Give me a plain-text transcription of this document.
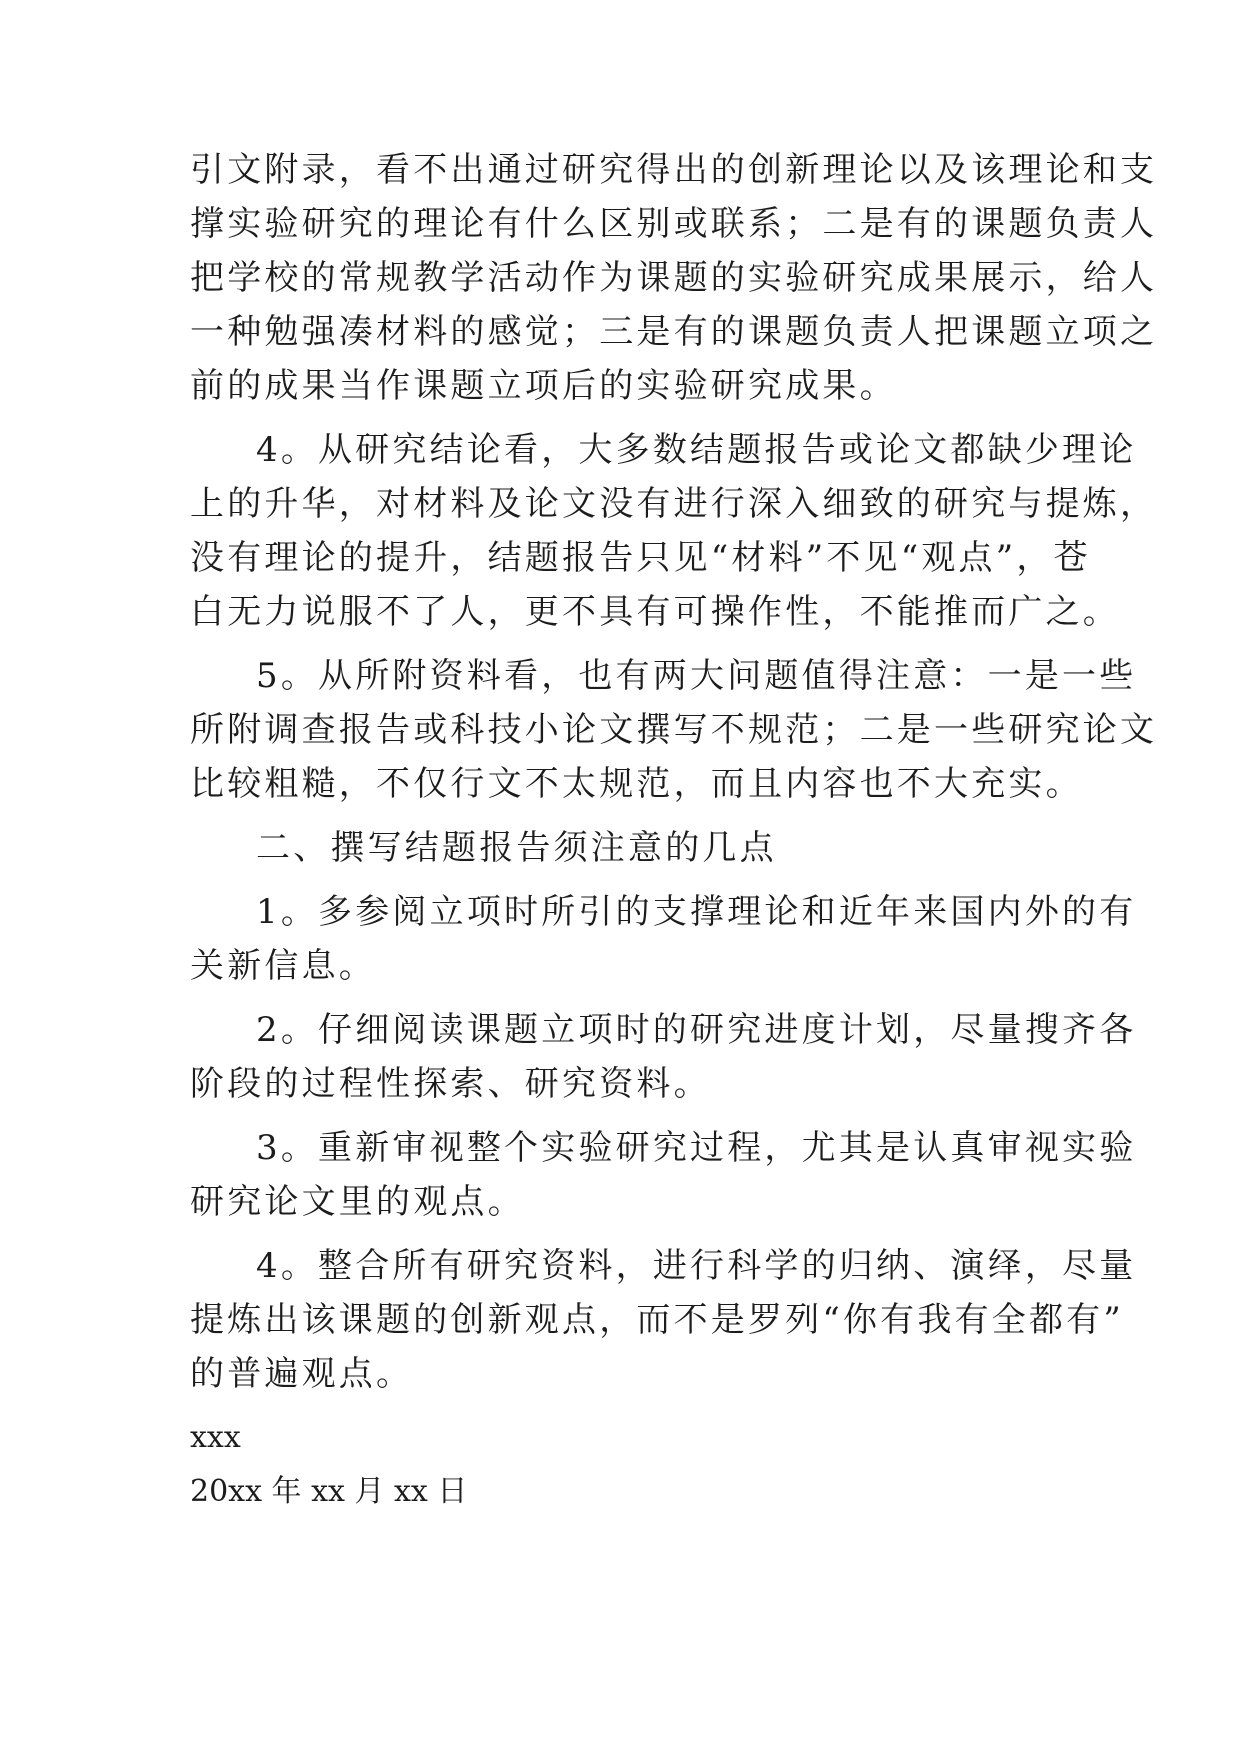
引文附录，看不出通过研究得出的创新理论以及该理论和支
撑实验研究的理论有什么区别或联系；二是有的课题负责人
把学校的常规教学活动作为课题的实验研究成果展示，给人
一种勉强凑材料的感觉；三是有的课题负责人把课题立项之
前的成果当作课题立项后的实验研究成果。
4。从研究结论看，大多数结题报告或论文都缺少理论
上的升华，对材料及论文没有进行深入细致的研究与提炼，
没有理论的提升，结题报告只见“材料”不见“观点”，苍
白无力说服不了人，更不具有可操作性，不能推而广之。
5。从所附资料看，也有两大问题值得注意：一是一些
所附调查报告或科技小论文撰写不规范；二是一些研究论文
比较粗糙，不仅行文不太规范，而且内容也不大充实。
二、撰写结题报告须注意的几点
1。多参阅立项时所引的支撑理论和近年来国内外的有
关新信息。
2。仔细阅读课题立项时的研究进度计划，尽量搜齐各
阶段的过程性探索、研究资料。
3。重新审视整个实验研究过程，尤其是认真审视实验
研究论文里的观点。
4。整合所有研究资料，进行科学的归纳、演绎，尽量
提炼出该课题的创新观点，而不是罗列“你有我有全都有”
的普遍观点。
xxx
20xx 年 xx 月 xx 日
